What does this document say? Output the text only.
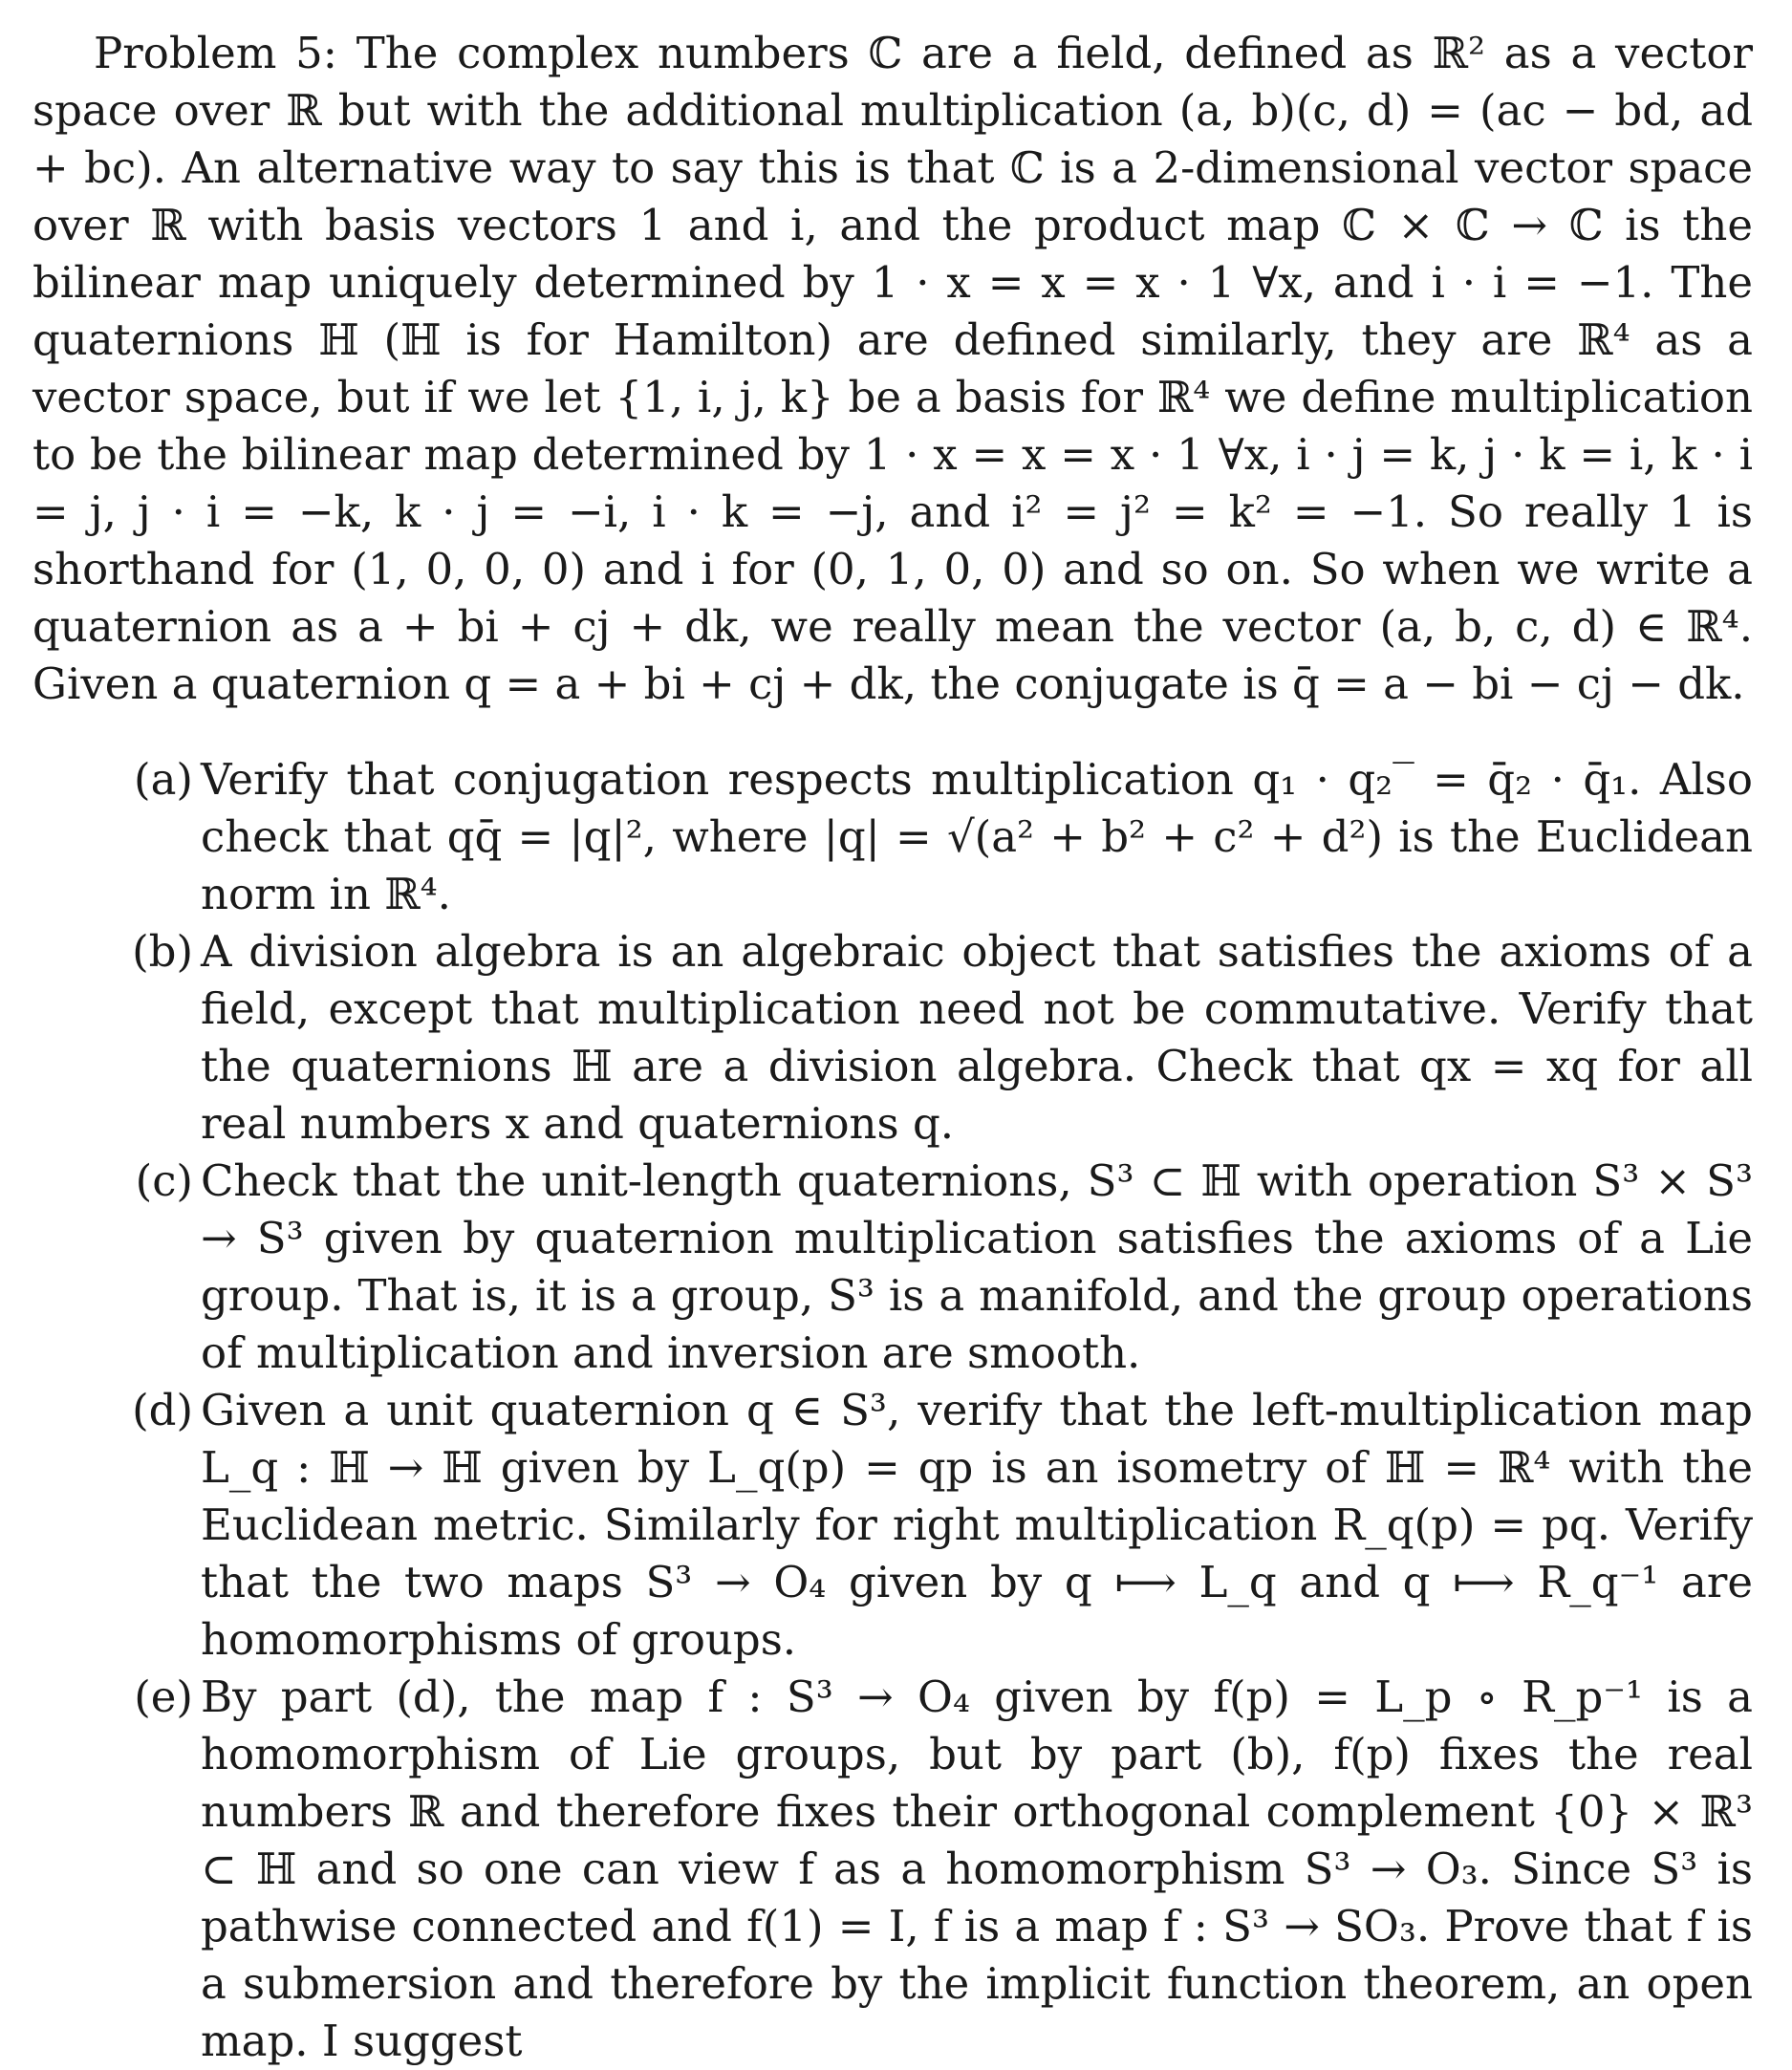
Problem 5: The complex numbers ℂ are a field, defined as ℝ² as a vector space over ℝ but with the additional multiplication (a, b)(c, d) = (ac − bd, ad + bc). An alternative way to say this is that ℂ is a 2-dimensional vector space over ℝ with basis vectors 1 and i, and the product map ℂ × ℂ → ℂ is the bilinear map uniquely determined by 1 · x = x = x · 1 ∀x, and i · i = −1. The quaternions ℍ (ℍ is for Hamilton) are defined similarly, they are ℝ⁴ as a vector space, but if we let {1, i, j, k} be a basis for ℝ⁴ we define multiplication to be the bilinear map determined by 1 · x = x = x · 1 ∀x, i · j = k, j · k = i, k · i = j, j · i = −k, k · j = −i, i · k = −j, and i² = j² = k² = −1. So really 1 is shorthand for (1, 0, 0, 0) and i for (0, 1, 0, 0) and so on. So when we write a quaternion as a + bi + cj + dk, we really mean the vector (a, b, c, d) ∈ ℝ⁴. Given a quaternion q = a + bi + cj + dk, the conjugate is q̄ = a − bi − cj − dk.

(a) Verify that conjugation respects multiplication q₁ · q₂‾ = q̄₂ · q̄₁. Also check that qq̄ = |q|², where |q| = √(a² + b² + c² + d²) is the Euclidean norm in ℝ⁴.
(b) A division algebra is an algebraic object that satisfies the axioms of a field, except that multiplication need not be commutative. Verify that the quaternions ℍ are a division algebra. Check that qx = xq for all real numbers x and quaternions q.
(c) Check that the unit-length quaternions, S³ ⊂ ℍ with operation S³ × S³ → S³ given by quaternion multiplication satisfies the axioms of a Lie group. That is, it is a group, S³ is a manifold, and the group operations of multiplication and inversion are smooth.
(d) Given a unit quaternion q ∈ S³, verify that the left-multiplication map L_q : ℍ → ℍ given by L_q(p) = qp is an isometry of ℍ = ℝ⁴ with the Euclidean metric. Similarly for right multiplication R_q(p) = pq. Verify that the two maps S³ → O₄ given by q ⟼ L_q and q ⟼ R_q⁻¹ are homomorphisms of groups.
(e) By part (d), the map f : S³ → O₄ given by f(p) = L_p ∘ R_p⁻¹ is a homomorphism of Lie groups, but by part (b), f(p) fixes the real numbers ℝ and therefore fixes their orthogonal complement {0} × ℝ³ ⊂ ℍ and so one can view f as a homomorphism S³ → O₃. Since S³ is pathwise connected and f(1) = I, f is a map f : S³ → SO₃. Prove that f is a submersion and therefore by the implicit function theorem, an open map. I suggest
